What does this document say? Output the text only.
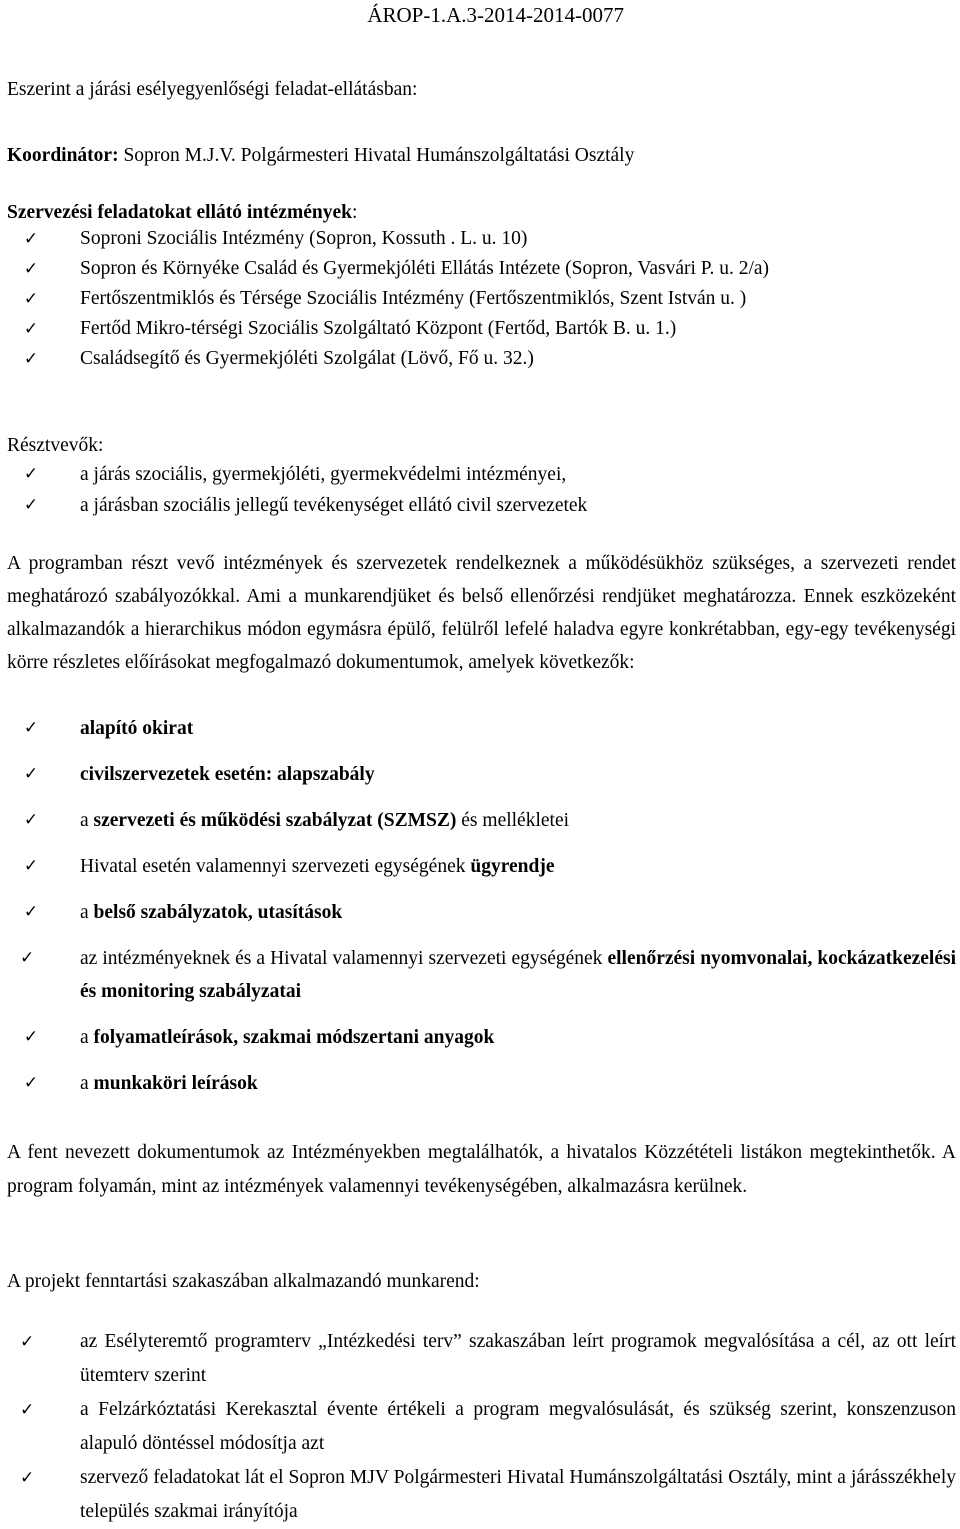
ÁROP-1.A.3-2014-2014-0077
Eszerint a járási esélyegyenlőségi feladat-ellátásban:
Koordinátor: Sopron M.J.V. Polgármesteri Hivatal Humánszolgáltatási Osztály
Szervezési feladatokat ellátó intézmények:
✓ Soproni Szociális Intézmény (Sopron, Kossuth . L. u. 10)
✓ Sopron és Környéke Család és Gyermekjóléti Ellátás Intézete (Sopron, Vasvári P. u. 2/a)
✓ Fertőszentmiklós és Térsége Szociális Intézmény (Fertőszentmiklós, Szent István u. )
✓ Fertőd Mikro-térségi Szociális Szolgáltató Központ (Fertőd, Bartók B. u. 1.)
✓ Családsegítő és Gyermekjóléti Szolgálat (Lövő, Fő u. 32.)
Résztvevők:
✓ a járás szociális, gyermekjóléti, gyermekvédelmi intézményei,
✓ a járásban szociális jellegű tevékenységet ellátó civil szervezetek
A programban részt vevő intézmények és szervezetek rendelkeznek a működésükhöz szükséges, a szervezeti rendet meghatározó szabályozókkal. Ami a munkarendjüket és belső ellenőrzési rendjüket meghatározza. Ennek eszközeként alkalmazandók a hierarchikus módon egymásra épülő, felülről lefelé haladva egyre konkrétabban, egy-egy tevékenységi körre részletes előírásokat megfogalmazó dokumentumok, amelyek következők:
✓ alapító okirat
✓ civilszervezetek esetén: alapszabály
✓ a szervezeti és működési szabályzat (SZMSZ) és mellékletei
✓ Hivatal esetén valamennyi szervezeti egységének ügyrendje
✓ a belső szabályzatok, utasítások
✓	az intézményeknek és a Hivatal valamennyi szervezeti egységének ellenőrzési nyomvonalai, kockázatkezelési és monitoring szabályzatai
✓ a folyamatleírások, szakmai módszertani anyagok
✓ a munkaköri leírások
A fent nevezett dokumentumok az Intézményekben megtalálhatók, a hivatalos Közzétételi listákon megtekinthetők. A program folyamán, mint az intézmények valamennyi tevékenységében, alkalmazásra kerülnek.
A projekt fenntartási szakaszában alkalmazandó munkarend:
✓	az Esélyteremtő programterv „Intézkedési terv” szakaszában leírt programok megvalósítása a cél, az ott leírt ütemterv szerint
✓	a Felzárkóztatási Kerekasztal évente értékeli a program megvalósulását, és szükség szerint, konszenzuson alapuló döntéssel módosítja azt
✓	szervező feladatokat lát el Sopron MJV Polgármesteri Hivatal Humánszolgáltatási Osztály, mint a járásszékhely település szakmai irányítója
